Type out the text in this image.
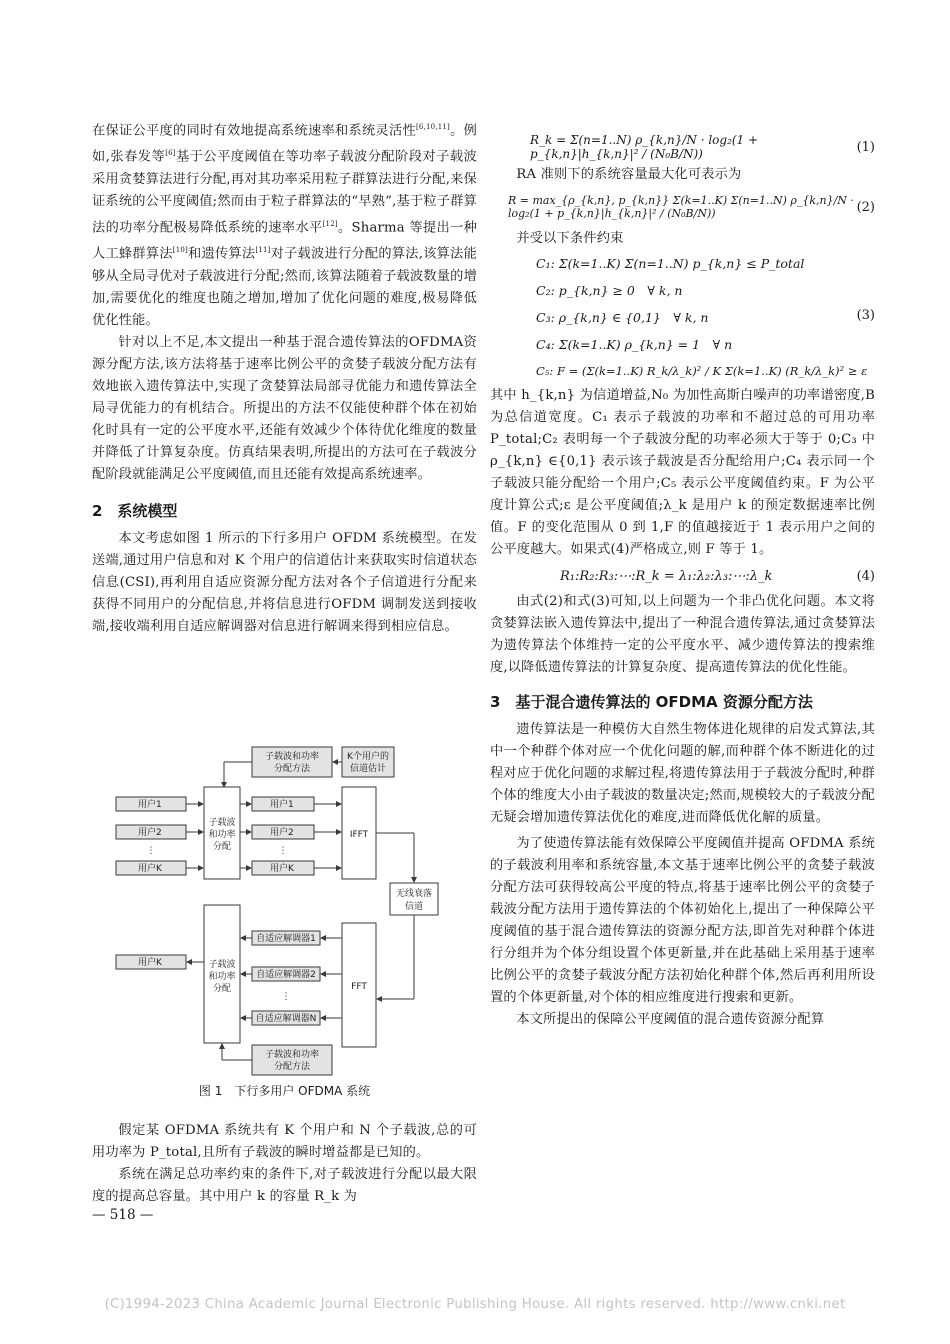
在保证公平度的同时有效地提高系统速率和系统灵活性[6,10,11]。例如,张春发等[6]基于公平度阈值在等功率子载波分配阶段对子载波采用贪婪算法进行分配,再对其功率采用粒子群算法进行分配,来保证系统的公平度阈值;然而由于粒子群算法的“早熟”,基于粒子群算法的功率分配极易降低系统的速率水平[12]。Sharma 等提出一种人工蜂群算法[10]和遗传算法[11]对子载波进行分配的算法,该算法能够从全局寻优对子载波进行分配;然而,该算法随着子载波数量的增加,需要优化的维度也随之增加,增加了优化问题的难度,极易降低优化性能。

针对以上不足,本文提出一种基于混合遗传算法的OFDMA资源分配方法,该方法将基于速率比例公平的贪婪子载波分配方法有效地嵌入遗传算法中,实现了贪婪算法局部寻优能力和遗传算法全局寻优能力的有机结合。所提出的方法不仅能使种群个体在初始化时具有一定的公平度水平,还能有效减少个体待优化维度的数量并降低了计算复杂度。仿真结果表明,所提出的方法可在子载波分配阶段就能满足公平度阈值,而且还能有效提高系统速率。

2　系统模型

本文考虑如图 1 所示的下行多用户 OFDM 系统模型。在发送端,通过用户信息和对 K 个用户的信道估计来获取实时信道状态信息(CSI),再利用自适应资源分配方法对各个子信道进行分配来获得不同用户的分配信息,并将信息进行OFDM 调制发送到接收端,接收端利用自适应解调器对信息进行解调来得到相应信息。

子载波和功率
分配方法
K个用户的
信道估计
用户1
用户2
⋮
用户K
子载波
和功率
分配
用户1
用户2
⋮
用户K
IFFT
无线衰落
信道
FFT
自适应解调器1
自适应解调器2
⋮
自适应解调器N
子载波
和功率
分配
用户K
子载波和功率
分配方法
图 1　下行多用户 OFDMA 系统

假定某 OFDMA 系统共有 K 个用户和 N 个子载波,总的可用功率为 P_total,且所有子载波的瞬时增益都是已知的。

系统在满足总功率约束的条件下,对子载波进行分配以最大限度的提高总容量。其中用户 k 的容量 R_k 为

— 518 —
R_k = Σ(n=1..N) ρ_{k,n}/N · log₂(1 + p_{k,n}|h_{k,n}|² / (N₀B/N))	(1)

RA 准则下的系统容量最大化可表示为

R = max_{ρ_{k,n}, p_{k,n}} Σ(k=1..K) Σ(n=1..N) ρ_{k,n}/N · log₂(1 + p_{k,n}|h_{k,n}|² / (N₀B/N))	(2)

并受以下条件约束

C₁: Σ(k=1..K) Σ(n=1..N) p_{k,n} ≤ P_total
C₂: p_{k,n} ≥ 0　∀ k, n
C₃: ρ_{k,n} ∈ {0,1}　∀ k, n
C₄: Σ(k=1..K) ρ_{k,n} = 1　∀ n
C₅: F = (Σ(k=1..K) R_k/λ_k)² / K Σ(k=1..K) (R_k/λ_k)² ≥ ε
(3)

其中 h_{k,n} 为信道增益,N₀ 为加性高斯白噪声的功率谱密度,B 为总信道宽度。C₁ 表示子载波的功率和不超过总的可用功率 P_total;C₂ 表明每一个子载波分配的功率必须大于等于 0;C₃ 中 ρ_{k,n} ∈{0,1} 表示该子载波是否分配给用户;C₄ 表示同一个子载波只能分配给一个用户;C₅ 表示公平度阈值约束。F 为公平度计算公式;ε 是公平度阈值;λ_k 是用户 k 的预定数据速率比例值。F 的变化范围从 0 到 1,F 的值越接近于 1 表示用户之间的公平度越大。如果式(4)严格成立,则 F 等于 1。

R₁:R₂:R₃:⋯:R_k = λ₁:λ₂:λ₃:⋯:λ_k	(4)

由式(2)和式(3)可知,以上问题为一个非凸优化问题。本文将贪婪算法嵌入遗传算法中,提出了一种混合遗传算法,通过贪婪算法为遗传算法个体维持一定的公平度水平、减少遗传算法的搜索维度,以降低遗传算法的计算复杂度、提高遗传算法的优化性能。

3　基于混合遗传算法的 OFDMA 资源分配方法

遗传算法是一种模仿大自然生物体进化规律的启发式算法,其中一个种群个体对应一个优化问题的解,而种群个体不断进化的过程对应于优化问题的求解过程,将遗传算法用于子载波分配时,种群个体的维度大小由子载波的数量决定;然而,规模较大的子载波分配无疑会增加遗传算法优化的难度,进而降低优化解的质量。

为了使遗传算法能有效保障公平度阈值并提高 OFDMA 系统的子载波利用率和系统容量,本文基于速率比例公平的贪婪子载波分配方法可获得较高公平度的特点,将基于速率比例公平的贪婪子载波分配方法用于遗传算法的个体初始化上,提出了一种保障公平度阈值的基于混合遗传算法的资源分配方法,即首先对种群个体进行分组并为个体分组设置个体更新量,并在此基础上采用基于速率比例公平的贪婪子载波分配方法初始化种群个体,然后再利用所设置的个体更新量,对个体的相应维度进行搜索和更新。

本文所提出的保障公平度阈值的混合遗传资源分配算

(C)1994-2023 China Academic Journal Electronic Publishing House. All rights reserved. http://www.cnki.net
